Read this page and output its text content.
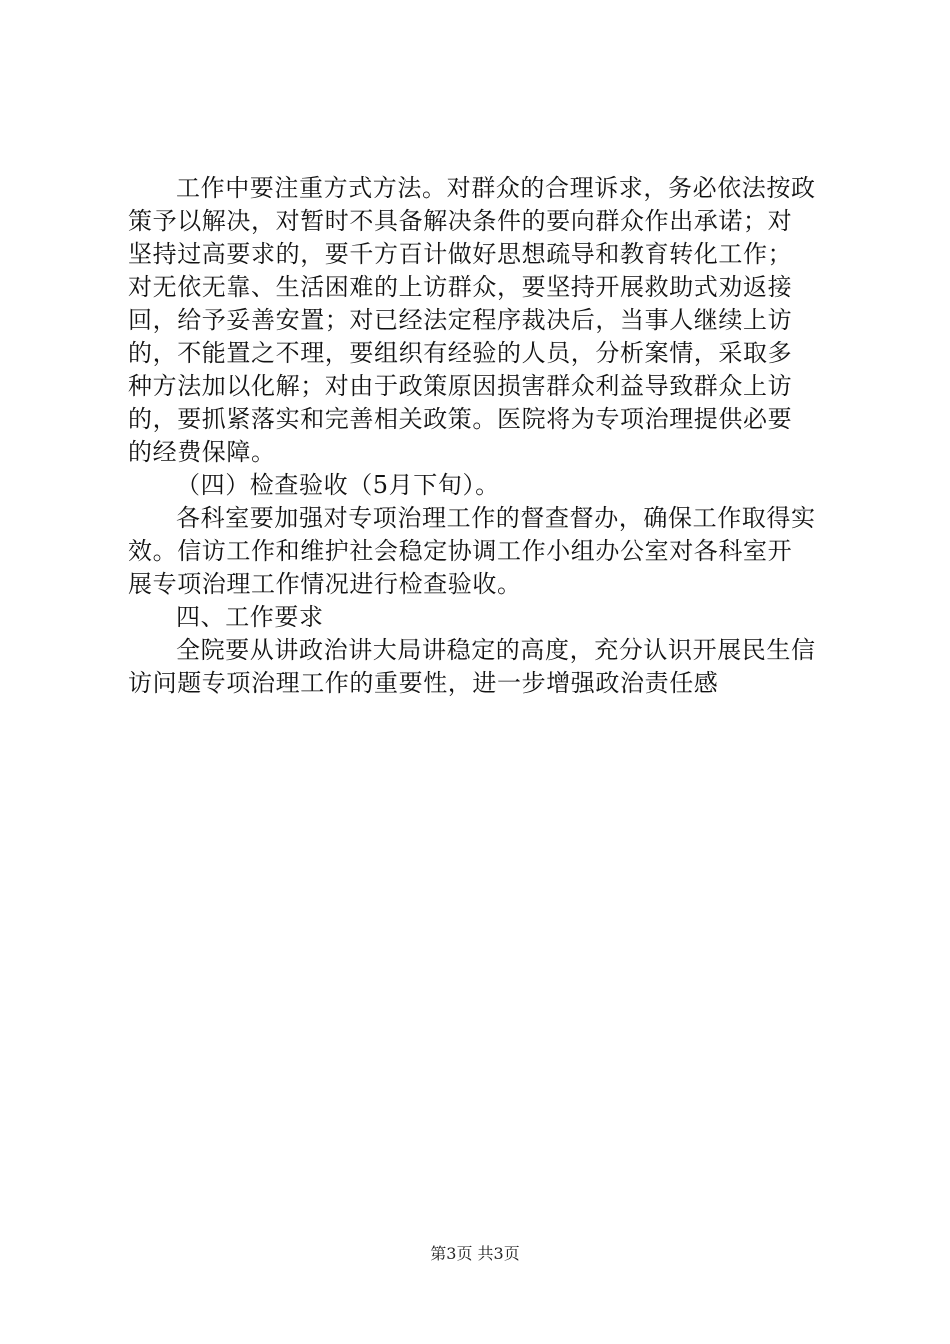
工作中要注重方式方法。对群众的合理诉求，务必依法按政
策予以解决，对暂时不具备解决条件的要向群众作出承诺；对
坚持过高要求的，要千方百计做好思想疏导和教育转化工作；
对无依无靠、生活困难的上访群众，要坚持开展救助式劝返接
回，给予妥善安置；对已经法定程序裁决后，当事人继续上访
的，不能置之不理，要组织有经验的人员，分析案情，采取多
种方法加以化解；对由于政策原因损害群众利益导致群众上访
的，要抓紧落实和完善相关政策。医院将为专项治理提供必要
的经费保障。
（四）检查验收（5月下旬）。
各科室要加强对专项治理工作的督查督办，确保工作取得实
效。信访工作和维护社会稳定协调工作小组办公室对各科室开
展专项治理工作情况进行检查验收。
四、工作要求
全院要从讲政治讲大局讲稳定的高度，充分认识开展民生信
访问题专项治理工作的重要性，进一步增强政治责任感
第3页 共3页
